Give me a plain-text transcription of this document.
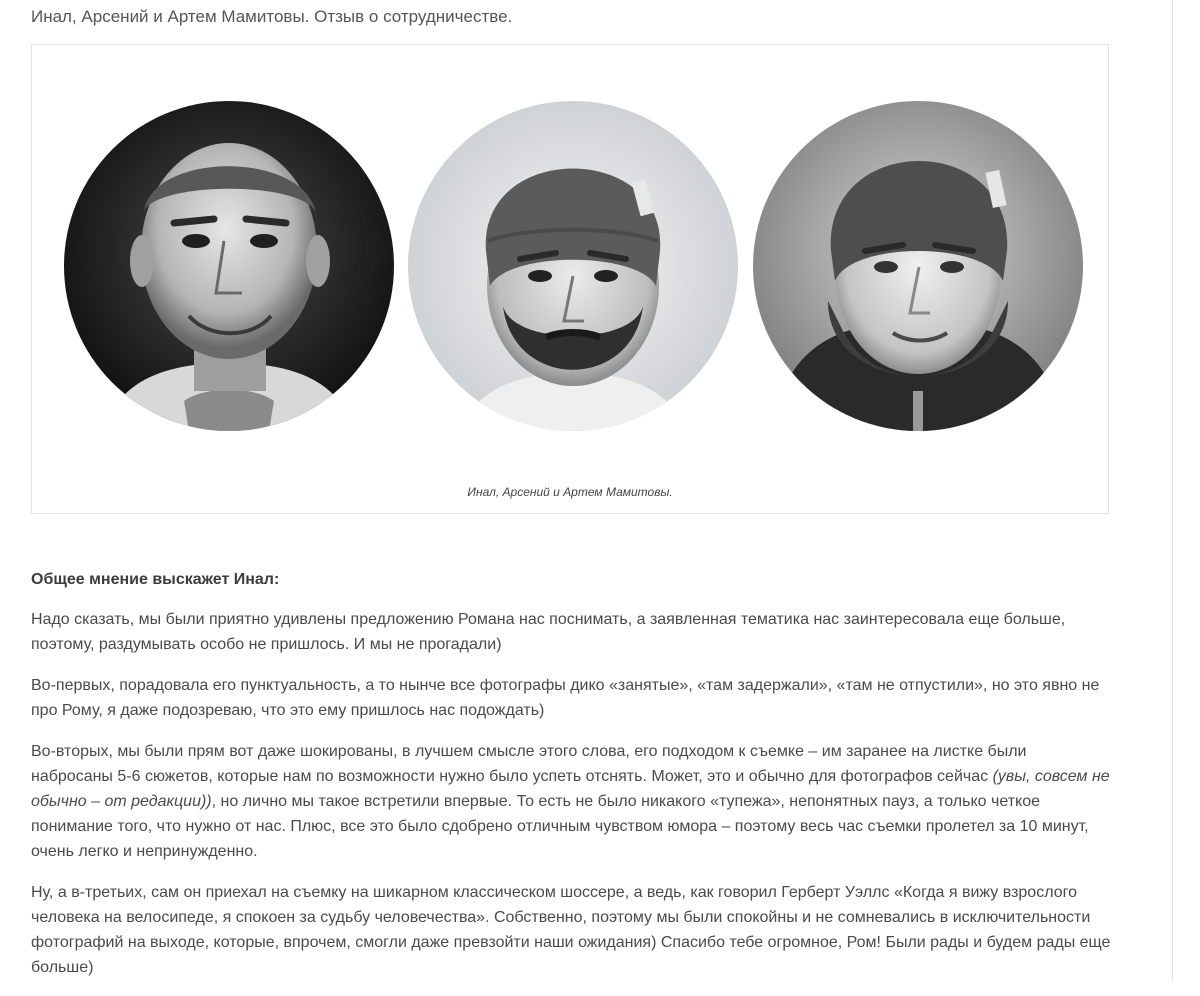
Инал, Арсений и Артем Мамитовы. Отзыв о сотрудничестве.
Инал, Арсений и Артем Мамитовы.

Общее мнение выскажет Инал:

Надо сказать, мы были приятно удивлены предложению Романа нас поснимать, а заявленная тематика нас заинтересовала еще больше, поэтому, раздумывать особо не пришлось. И мы не прогадали)

Во-первых, порадовала его пунктуальность, а то нынче все фотографы дико «занятые», «там задержали», «там не отпустили», но это явно не про Рому, я даже подозреваю, что это ему пришлось нас подождать)

Во-вторых, мы были прям вот даже шокированы, в лучшем смысле этого слова, его подходом к съемке – им заранее на листке были набросаны 5-6 сюжетов, которые нам по возможности нужно было успеть отснять. Может, это и обычно для фотографов сейчас (увы, совсем не обычно – от редакции)), но лично мы такое встретили впервые. То есть не было никакого «тупежа», непонятных пауз, а только четкое понимание того, что нужно от нас. Плюс, все это было сдобрено отличным чувством юмора – поэтому весь час съемки пролетел за 10 минут, очень легко и непринужденно.

Ну, а в-третьих, сам он приехал на съемку на шикарном классическом шоссере, а ведь, как говорил Герберт Уэллс «Когда я вижу взрослого человека на велосипеде, я спокоен за судьбу человечества». Собственно, поэтому мы были спокойны и не сомневались в исключительности фотографий на выходе, которые, впрочем, смогли даже превзойти наши ожидания) Спасибо тебе огромное, Ром! Были рады и будем рады еще больше)
